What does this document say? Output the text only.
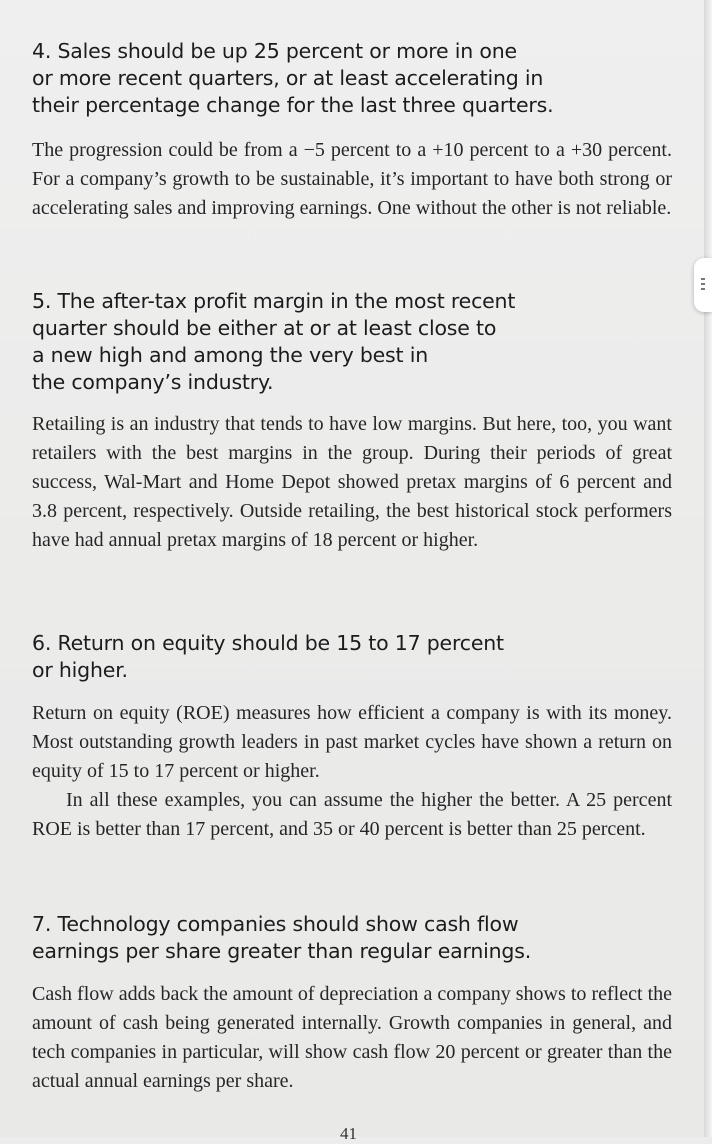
4. Sales should be up 25 percent or more in one
or more recent quarters, or at least accelerating in
their percentage change for the last three quarters.

The progression could be from a −5 percent to a +10 percent to a +30 percent. For a company’s growth to be sustainable, it’s important to have both strong or accelerating sales and improving earnings. One without the other is not reliable.

5. The after-tax profit margin in the most recent
quarter should be either at or at least close to
a new high and among the very best in
the company’s industry.

Retailing is an industry that tends to have low margins. But here, too, you want retailers with the best margins in the group. During their periods of great success, Wal-Mart and Home Depot showed pretax margins of 6 percent and 3.8 percent, respectively. Outside retailing, the best historical stock performers have had annual pretax margins of 18 percent or higher.

6. Return on equity should be 15 to 17 percent
or higher.

Return on equity (ROE) measures how efficient a company is with its money. Most outstanding growth leaders in past market cycles have shown a return on equity of 15 to 17 percent or higher.

In all these examples, you can assume the higher the better. A 25 percent ROE is better than 17 percent, and 35 or 40 percent is better than 25 percent.

7. Technology companies should show cash flow
earnings per share greater than regular earnings.

Cash flow adds back the amount of depreciation a company shows to reflect the amount of cash being generated internally. Growth companies in general, and tech companies in particular, will show cash flow 20 percent or greater than the actual annual earnings per share.

41
